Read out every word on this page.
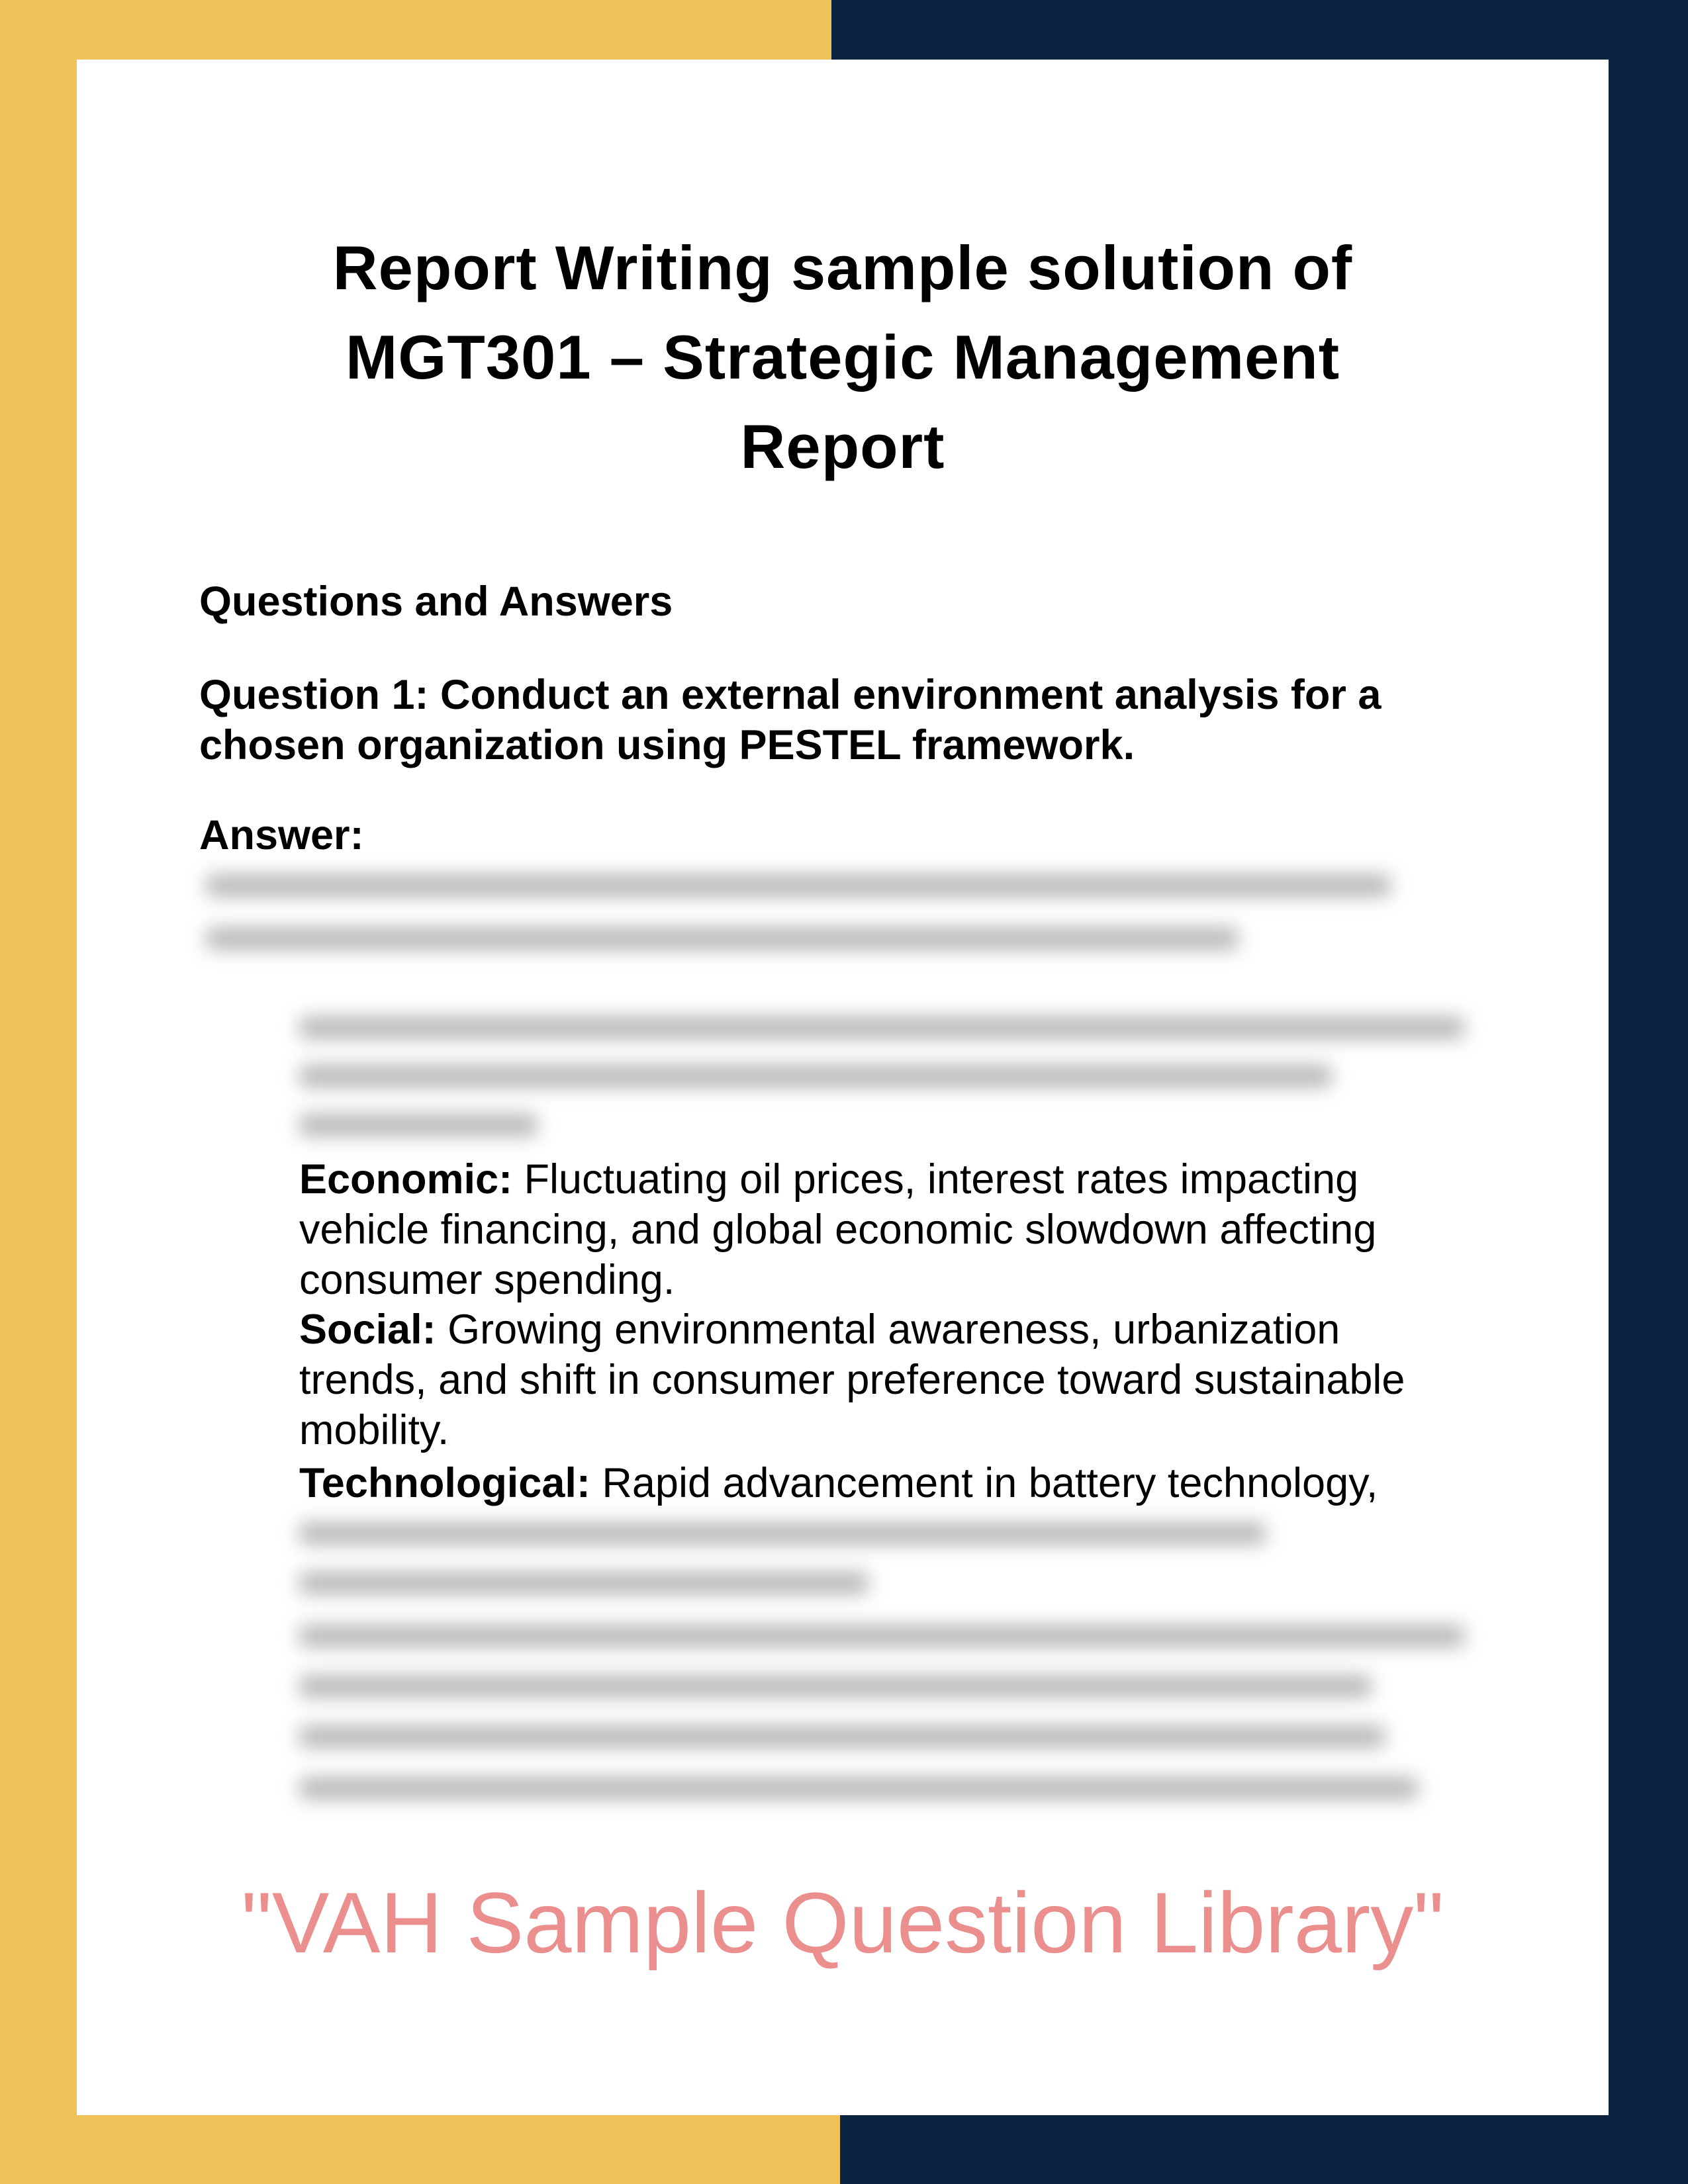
Report Writing sample solution of
MGT301 – Strategic Management
Report
Questions and Answers
Question 1: Conduct an external environment analysis for a
chosen organization using PESTEL framework.
Answer:
Economic: Fluctuating oil prices, interest rates impacting
vehicle financing, and global economic slowdown affecting
consumer spending.
Social: Growing environmental awareness, urbanization
trends, and shift in consumer preference toward sustainable
mobility.
Technological: Rapid advancement in battery technology,
"VAH Sample Question Library"
